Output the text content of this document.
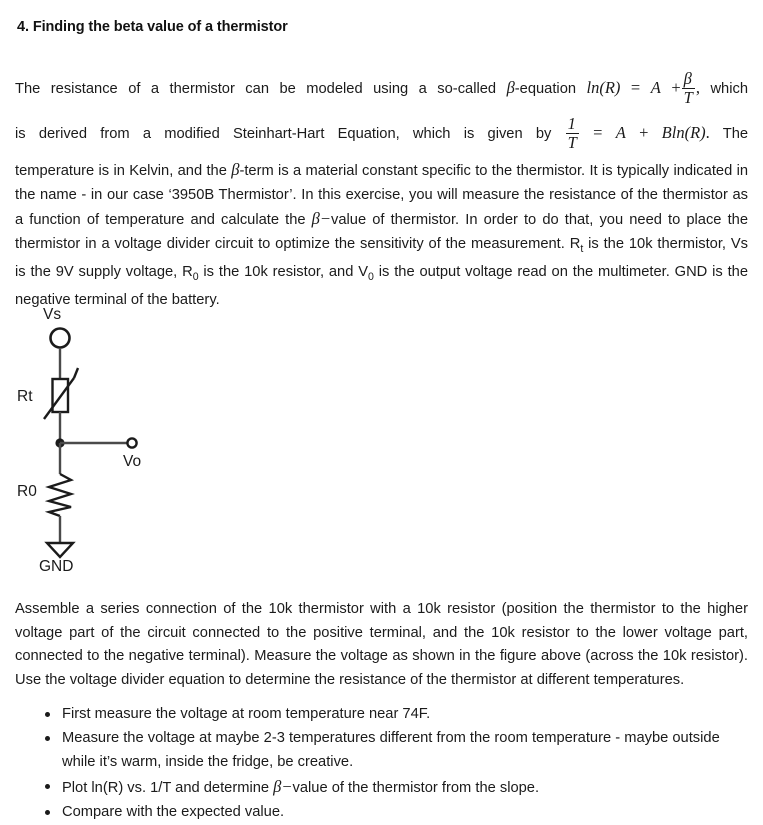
4. Finding the beta value of a thermistor

The resistance of a thermistor can be modeled using a so-called β-equation $\ln(R) = A + \frac{\beta}{T}$ , which

is derived from a modified Steinhart-Hart Equation, which is given by $\frac{1}{T} = A + Bln(R)$. The

temperature is in Kelvin, and the β-term is a material constant specific to the thermistor. It is typically indicated in the name - in our case ‘3950B Thermistor’. In this exercise, you will measure the resistance of the thermistor as a function of temperature and calculate the β−value of thermistor. In order to do that, you need to place the thermistor in a voltage divider circuit to optimize the sensitivity of the measurement. $R_t$ is the 10k thermistor, Vs is the 9V supply voltage, $R_0$ is the 10k resistor, and $V_0$ is the output voltage read on the multimeter. GND is the negative terminal of the battery.

Rt
Vs
Vo
R0
GND

Assemble a series connection of the 10k thermistor with a 10k resistor (position the thermistor to the higher voltage part of the circuit connected to the positive terminal, and the 10k resistor to the lower voltage part, connected to the negative terminal). Measure the voltage as shown in the figure above (across the 10k resistor). Use the voltage divider equation to determine the resistance of the thermistor at different temperatures.

First measure the voltage at room temperature near 74F.
Measure the voltage at maybe 2-3 temperatures different from the room temperature - maybe outside while it’s warm, inside the fridge, be creative.
Plot ln(R) vs. 1/T and determine β−value of the thermistor from the slope.
Compare with the expected value.
